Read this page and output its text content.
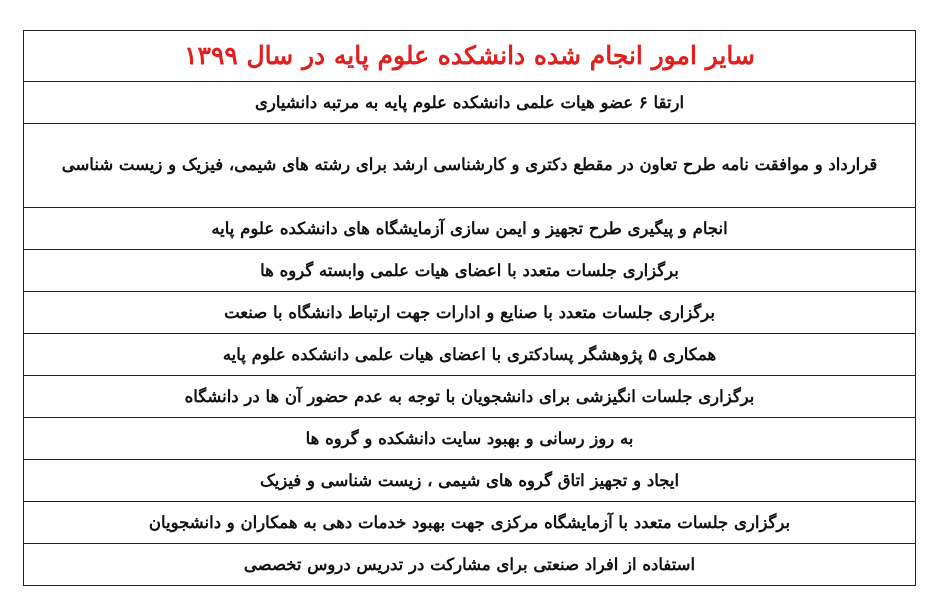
سایر امور انجام شده دانشکده علوم پایه در سال ۱۳۹۹
ارتقا ۶ عضو هیات علمی دانشکده علوم پایه به مرتبه دانشیاری
قرارداد و موافقت نامه طرح تعاون در مقطع دکتری و کارشناسی ارشد برای رشته های شیمی، فیزیک و زیست شناسی
انجام و پیگیری طرح تجهیز و ایمن سازی آزمایشگاه های دانشکده علوم پایه
برگزاری جلسات متعدد با اعضای هیات علمی وابسته گروه ها
برگزاری جلسات متعدد با صنایع و ادارات جهت ارتباط دانشگاه با صنعت
همکاری ۵ پژوهشگر پسادکتری با اعضای هیات علمی دانشکده علوم پایه
برگزاری جلسات انگیزشی برای دانشجویان با توجه به عدم حضور آن ها در دانشگاه
به روز رسانی و بهبود سایت دانشکده و گروه ها
ایجاد و تجهیز اتاق گروه های شیمی ، زیست شناسی و فیزیک
برگزاری جلسات متعدد با آزمایشگاه مرکزی جهت بهبود خدمات دهی به همکاران و دانشجویان
استفاده از افراد صنعتی برای مشارکت در تدریس دروس تخصصی
